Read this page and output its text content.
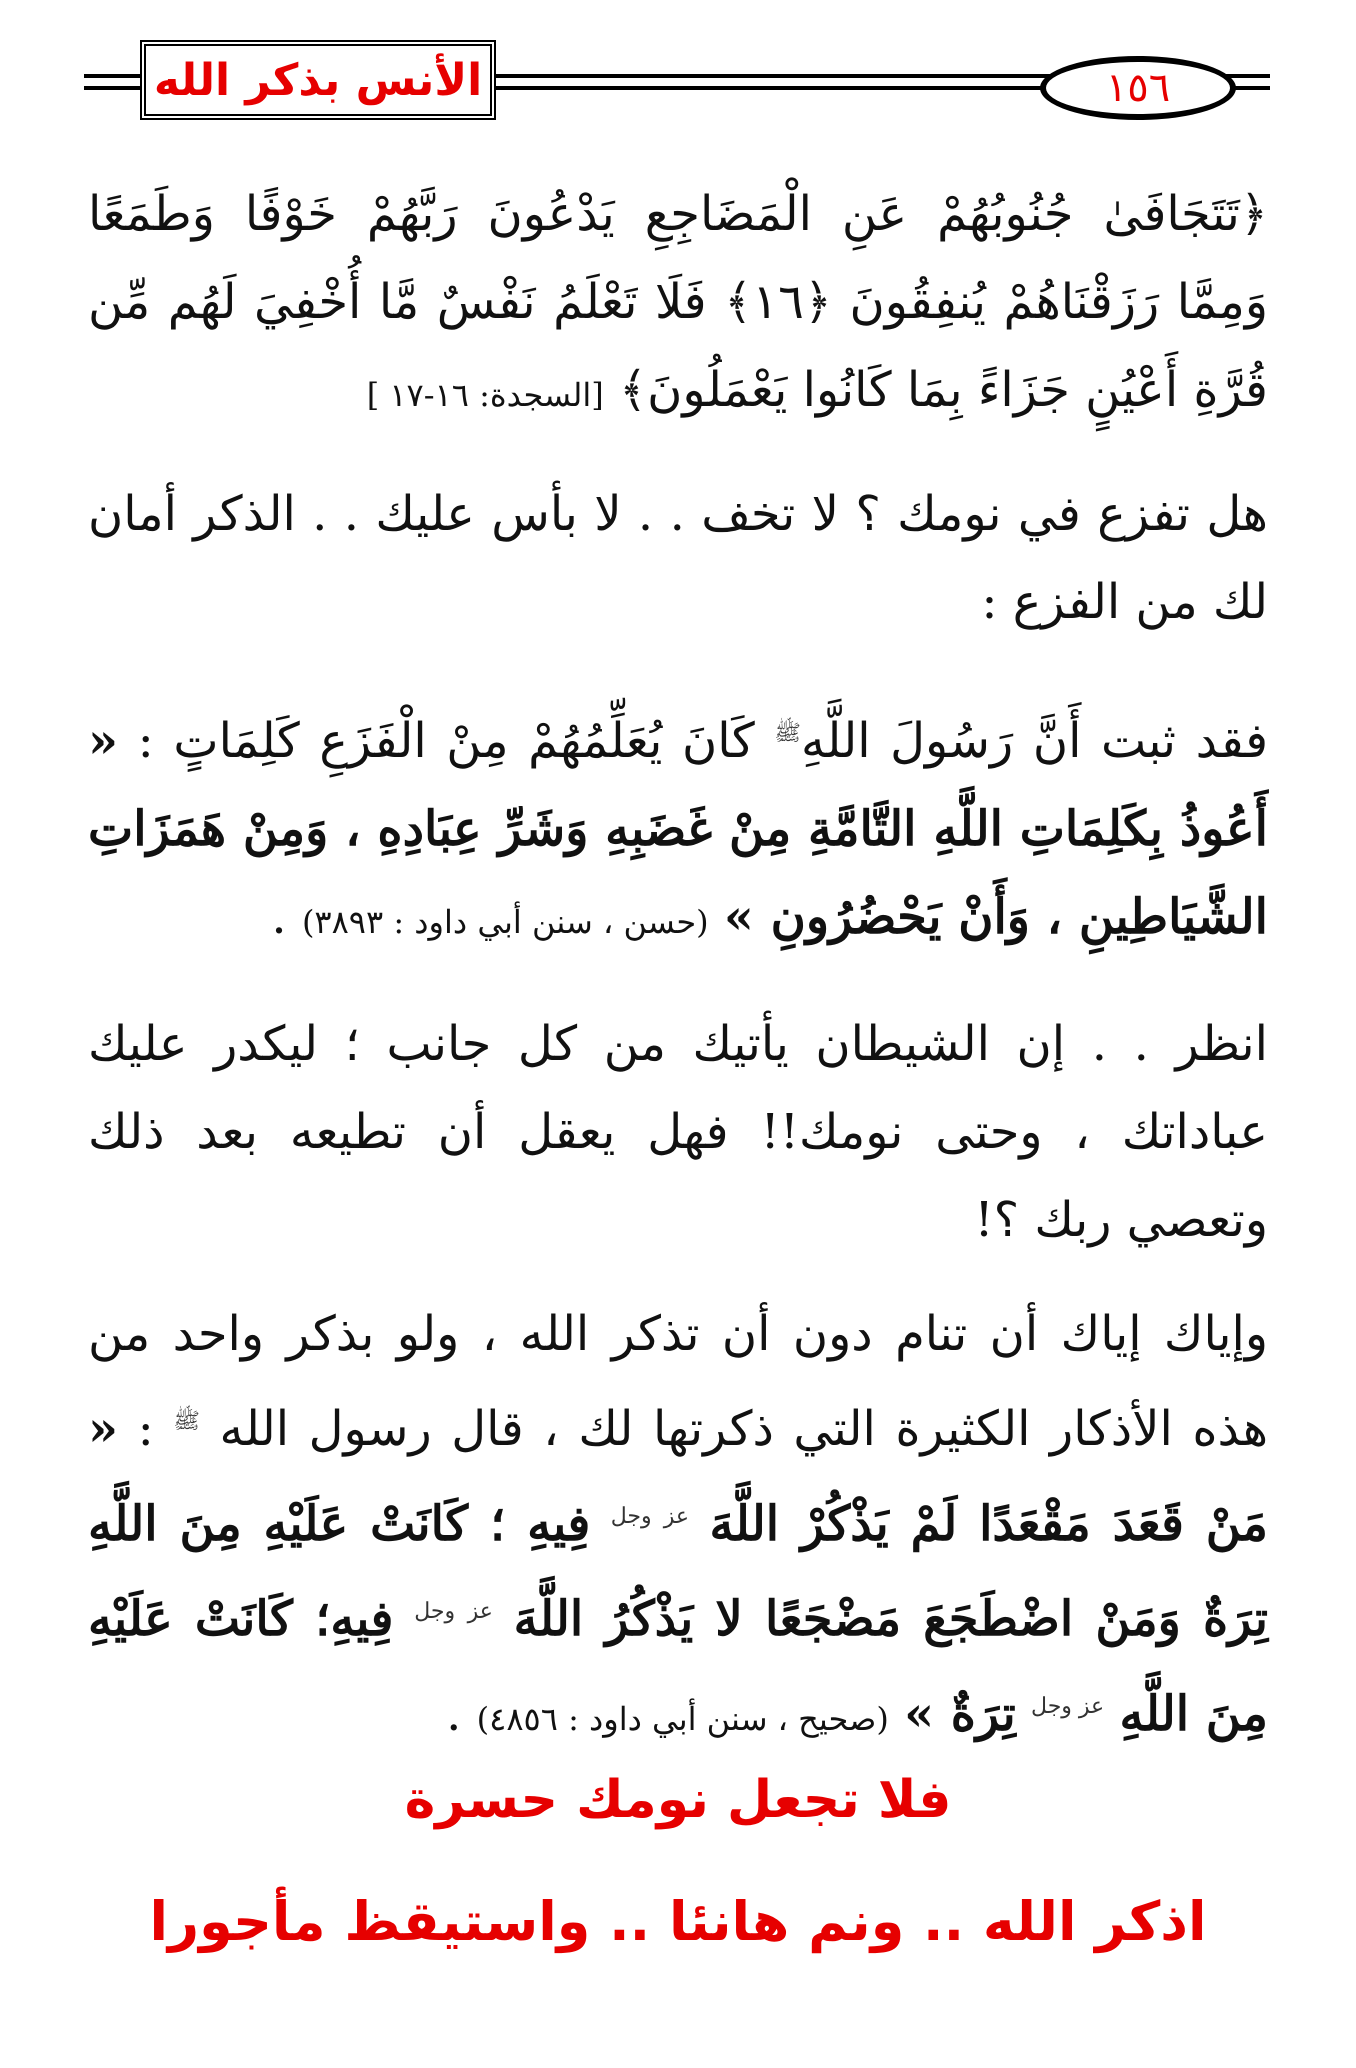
الأنس بذكر الله	١٥٦

﴿تَتَجَافَىٰ جُنُوبُهُمْ عَنِ الْمَضَاجِعِ يَدْعُونَ رَبَّهُمْ خَوْفًا وَطَمَعًا وَمِمَّا رَزَقْنَاهُمْ يُنفِقُونَ ﴿١٦﴾ فَلَا تَعْلَمُ نَفْسٌ مَّا أُخْفِيَ لَهُم مِّن قُرَّةِ أَعْيُنٍ جَزَاءً بِمَا كَانُوا يَعْمَلُونَ﴾ [السجدة: ١٦-١٧ ]

هل تفزع في نومك ؟ لا تخف . . لا بأس عليك . . الذكر أمان لك من الفزع :

فقد ثبت أَنَّ رَسُولَ اللَّهِ$^ﷺ$ كَانَ يُعَلِّمُهُمْ مِنْ الْفَزَعِ كَلِمَاتٍ : « أَعُوذُ بِكَلِمَاتِ اللَّهِ التَّامَّةِ مِنْ غَضَبِهِ وَشَرِّ عِبَادِهِ ، وَمِنْ هَمَزَاتِ الشَّيَاطِينِ ، وَأَنْ يَحْضُرُونِ » (حسن ، سنن أبي داود : ٣٨٩٣) .

انظر . . إن الشيطان يأتيك من كل جانب ؛ ليكدر عليك عباداتك ، وحتى نومك!! فهل يعقل أن تطيعه بعد ذلك وتعصي ربك ؟!

وإياك إياك أن تنام دون أن تذكر الله ، ولو بذكر واحد من هذه الأذكار الكثيرة التي ذكرتها لك ، قال رسول الله $^ﷺ$ : « مَنْ قَعَدَ مَقْعَدًا لَمْ يَذْكُرْ اللَّهَ $^{عز وجل}$ فِيهِ ؛ كَانَتْ عَلَيْهِ مِنَ اللَّهِ تِرَةٌ وَمَنْ اضْطَجَعَ مَضْجَعًا لا يَذْكُرُ اللَّهَ $^{عز وجل}$ فِيهِ؛ كَانَتْ عَلَيْهِ مِنَ اللَّهِ $^{عز وجل}$ تِرَةٌ » (صحيح ، سنن أبي داود : ٤٨٥٦) .

فلا تجعل نومك حسرة
اذكر الله .. ونم هانئا .. واستيقظ مأجورا
